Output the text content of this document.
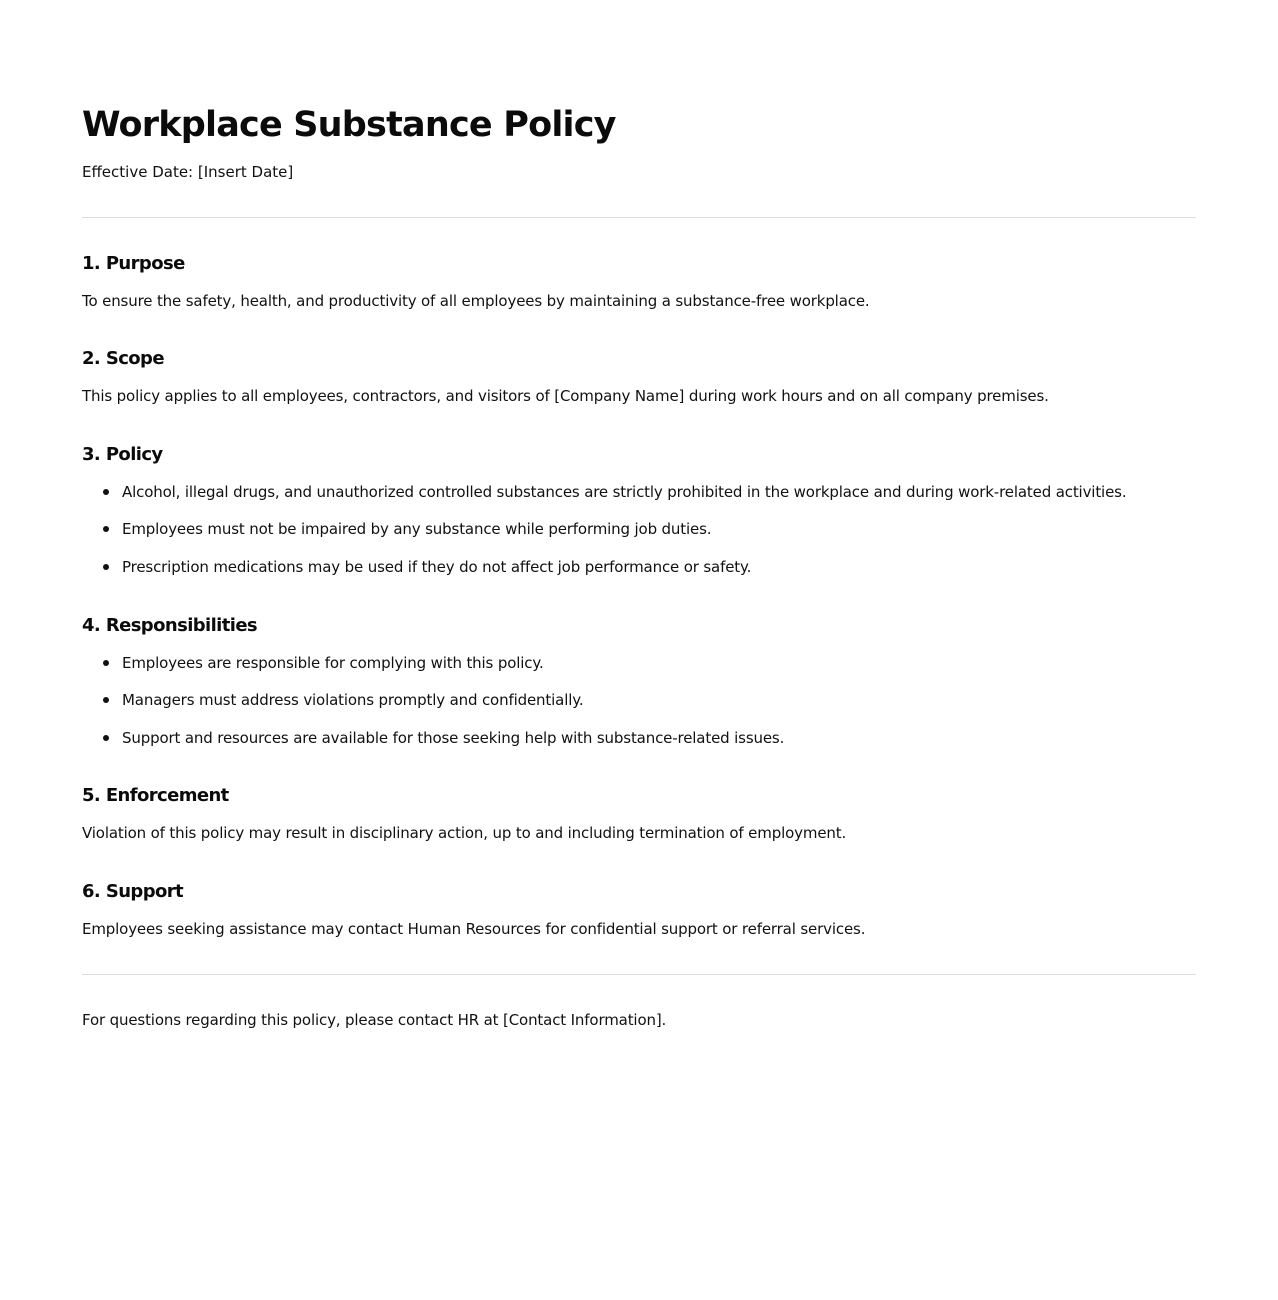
Workplace Substance Policy
Effective Date: [Insert Date]
1. Purpose

To ensure the safety, health, and productivity of all employees by maintaining a substance-free workplace.

2. Scope

This policy applies to all employees, contractors, and visitors of [Company Name] during work hours and on all company premises.

3. Policy
Alcohol, illegal drugs, and unauthorized controlled substances are strictly prohibited in the workplace and during work-related activities.
Employees must not be impaired by any substance while performing job duties.
Prescription medications may be used if they do not affect job performance or safety.
4. Responsibilities
Employees are responsible for complying with this policy.
Managers must address violations promptly and confidentially.
Support and resources are available for those seeking help with substance-related issues.
5. Enforcement

Violation of this policy may result in disciplinary action, up to and including termination of employment.

6. Support

Employees seeking assistance may contact Human Resources for confidential support or referral services.

For questions regarding this policy, please contact HR at [Contact Information].
